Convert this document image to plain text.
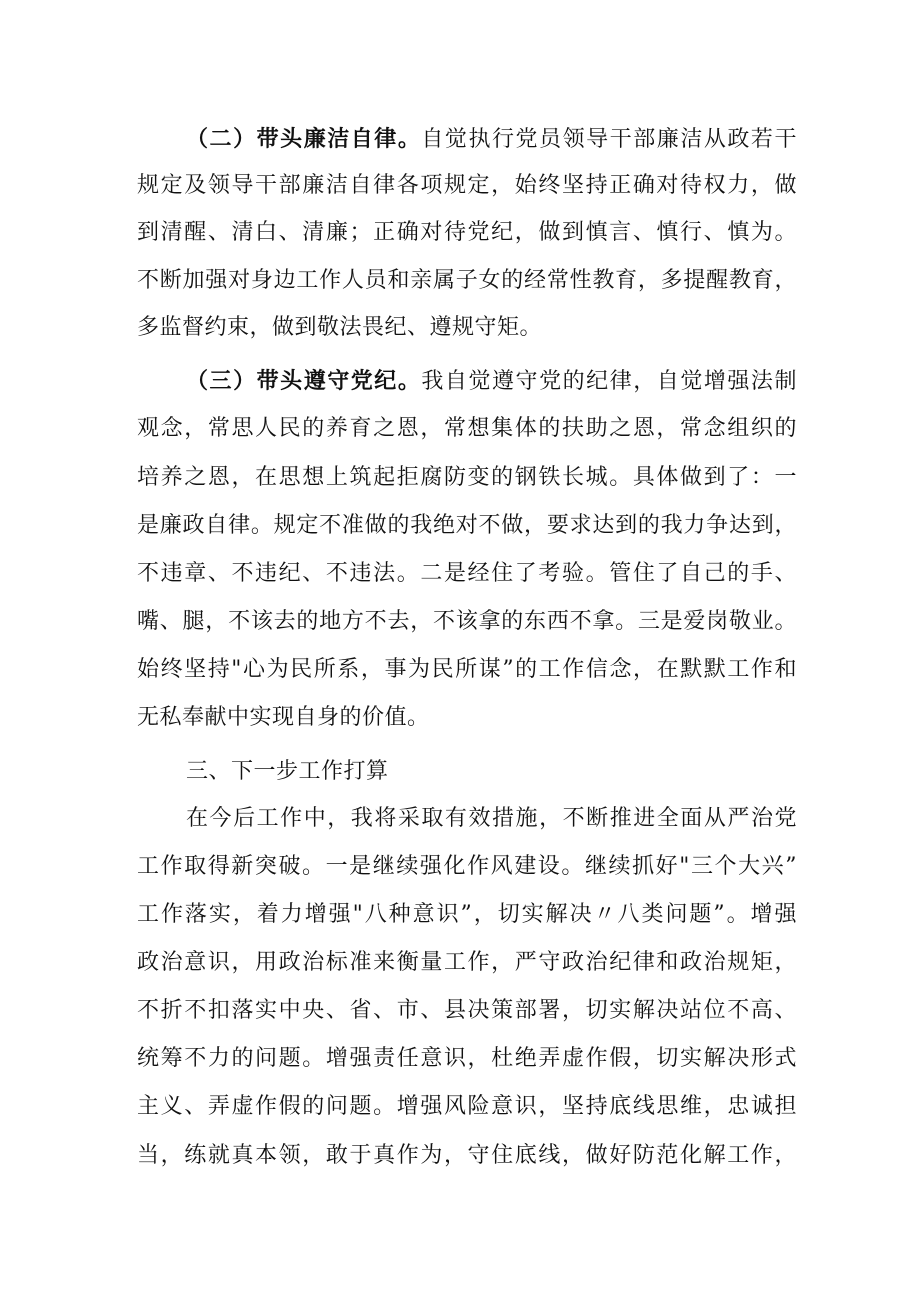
（二）带头廉洁自律。自觉执行党员领导干部廉洁从政若干
规定及领导干部廉洁自律各项规定，始终坚持正确对待权力，做
到清醒、清白、清廉；正确对待党纪，做到慎言、慎行、慎为。
不断加强对身边工作人员和亲属子女的经常性教育，多提醒教育，
多监督约束，做到敬法畏纪、遵规守矩。
（三）带头遵守党纪。我自觉遵守党的纪律，自觉增强法制
观念，常思人民的养育之恩，常想集体的扶助之恩，常念组织的
培养之恩，在思想上筑起拒腐防变的钢铁长城。具体做到了：一
是廉政自律。规定不准做的我绝对不做，要求达到的我力争达到，
不违章、不违纪、不违法。二是经住了考验。管住了自己的手、
嘴、腿，不该去的地方不去，不该拿的东西不拿。三是爱岗敬业。
始终坚持"心为民所系，事为民所谋”的工作信念，在默默工作和
无私奉献中实现自身的价值。
三、下一步工作打算
在今后工作中，我将采取有效措施，不断推进全面从严治党
工作取得新突破。一是继续强化作风建设。继续抓好"三个大兴”
工作落实，着力增强"八种意识”，切实解决〃八类问题”。增强
政治意识，用政治标准来衡量工作，严守政治纪律和政治规矩，
不折不扣落实中央、省、市、县决策部署，切实解决站位不高、
统筹不力的问题。增强责任意识，杜绝弄虚作假，切实解决形式
主义、弄虚作假的问题。增强风险意识，坚持底线思维，忠诚担
当，练就真本领，敢于真作为，守住底线，做好防范化解工作，
